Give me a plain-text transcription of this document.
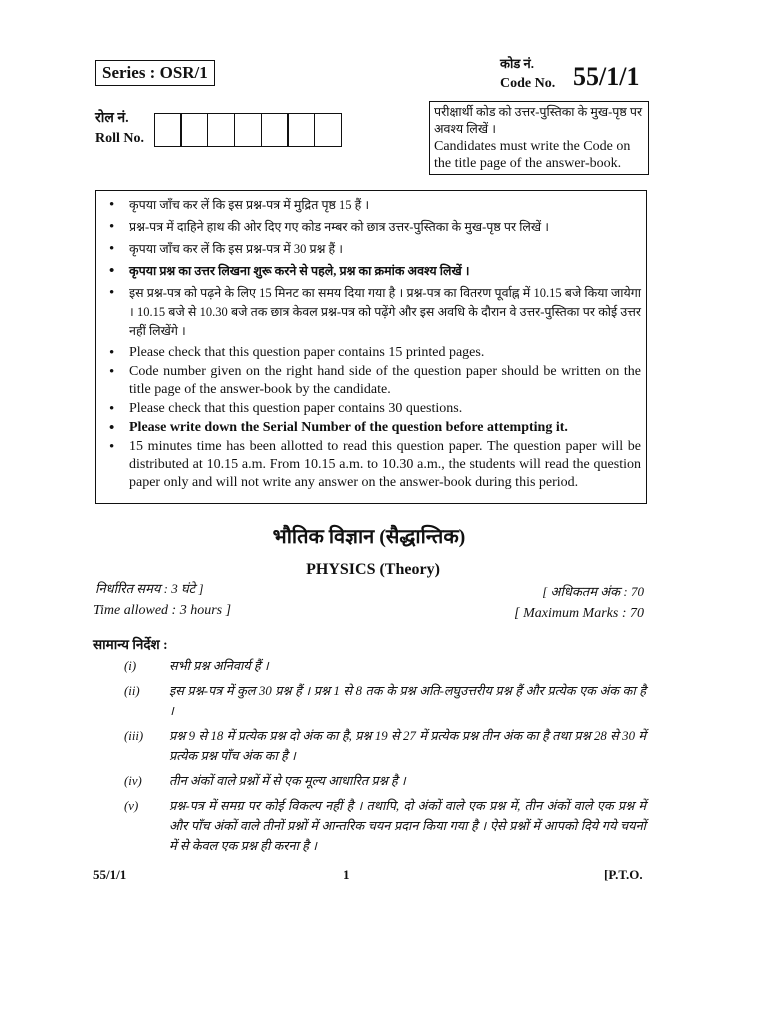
Series : OSR/1	कोड नं.
Code No. 55/1/1
रोल नं.
Roll No.
परीक्षार्थी कोड को उत्तर-पुस्तिका के मुख-पृष्ठ पर अवश्य लिखें ।
Candidates must write the Code on the title page of the answer-book.
• कृपया जाँच कर लें कि इस प्रश्न-पत्र में मुद्रित पृष्ठ 15 हैं ।
• प्रश्न-पत्र में दाहिने हाथ की ओर दिए गए कोड नम्बर को छात्र उत्तर-पुस्तिका के मुख-पृष्ठ पर लिखें ।
• कृपया जाँच कर लें कि इस प्रश्न-पत्र में 30 प्रश्न हैं ।
• कृपया प्रश्न का उत्तर लिखना शुरू करने से पहले, प्रश्न का क्रमांक अवश्य लिखें ।
• इस प्रश्न-पत्र को पढ़ने के लिए 15 मिनट का समय दिया गया है । प्रश्न-पत्र का वितरण पूर्वाह्न में 10.15 बजे किया जायेगा । 10.15 बजे से 10.30 बजे तक छात्र केवल प्रश्न-पत्र को पढ़ेंगे और इस अवधि के दौरान वे उत्तर-पुस्तिका पर कोई उत्तर नहीं लिखेंगे ।
• Please check that this question paper contains 15 printed pages.
• Code number given on the right hand side of the question paper should be written on the title page of the answer-book by the candidate.
• Please check that this question paper contains 30 questions.
• Please write down the Serial Number of the question before attempting it.
• 15 minutes time has been allotted to read this question paper. The question paper will be distributed at 10.15 a.m. From 10.15 a.m. to 10.30 a.m., the students will read the question paper only and will not write any answer on the answer-book during this period.
भौतिक विज्ञान (सैद्धान्तिक)
PHYSICS (Theory)
निर्धारित समय : 3 घंटे ]
Time allowed : 3 hours ]
[ अधिकतम अंक : 70
[ Maximum Marks : 70
सामान्य निर्देश :
(i)	सभी प्रश्न अनिवार्य हैं ।
(ii) इस प्रश्न-पत्र में कुल 30 प्रश्न हैं । प्रश्न 1 से 8 तक के प्रश्न अति-लघुउत्तरीय प्रश्न हैं और प्रत्येक एक अंक का है ।
(iii) प्रश्न 9 से 18 में प्रत्येक प्रश्न दो अंक का है, प्रश्न 19 से 27 में प्रत्येक प्रश्न तीन अंक का है तथा प्रश्न 28 से 30 में प्रत्येक प्रश्न पाँच अंक का है ।
(iv) तीन अंकों वाले प्रश्नों में से एक मूल्य आधारित प्रश्न है ।
(v) प्रश्न-पत्र में समग्र पर कोई विकल्प नहीं है । तथापि, दो अंकों वाले एक प्रश्न में, तीन अंकों वाले एक प्रश्न में और पाँच अंकों वाले तीनों प्रश्नों में आन्तरिक चयन प्रदान किया गया है । ऐसे प्रश्नों में आपको दिये गये चयनों में से केवल एक प्रश्न ही करना है ।
55/1/1	1	[P.T.O.
